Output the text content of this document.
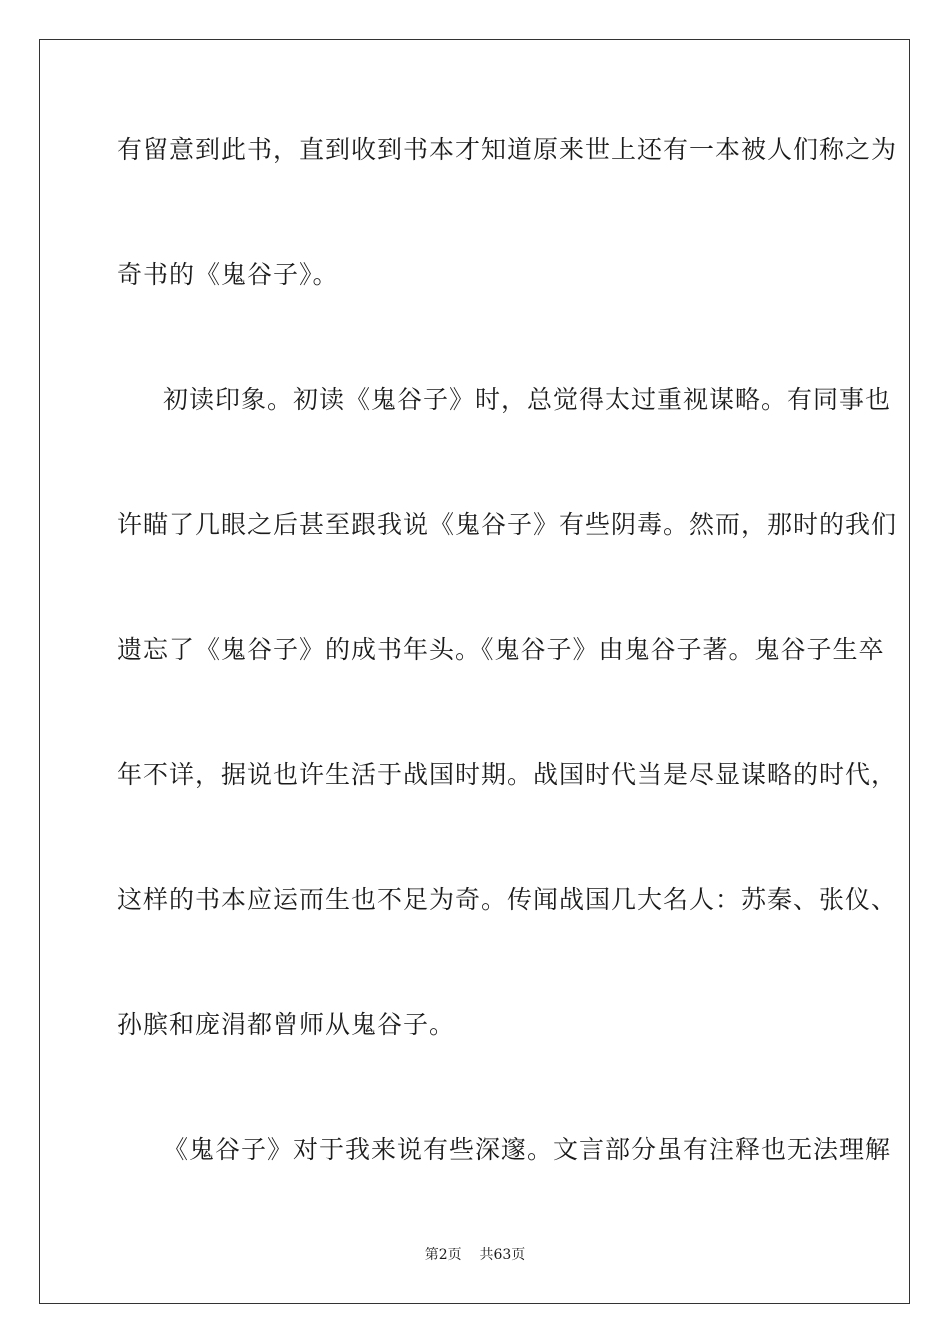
有留意到此书，直到收到书本才知道原来世上还有一本被人们称之为
奇书的《鬼谷子》。
初读印象。初读《鬼谷子》时，总觉得太过重视谋略。有同事也
许瞄了几眼之后甚至跟我说《鬼谷子》有些阴毒。然而，那时的我们
遗忘了《鬼谷子》的成书年头。《鬼谷子》由鬼谷子著。鬼谷子生卒
年不详，据说也许生活于战国时期。战国时代当是尽显谋略的时代，
这样的书本应运而生也不足为奇。传闻战国几大名人：苏秦、张仪、
孙膑和庞涓都曾师从鬼谷子。
《鬼谷子》对于我来说有些深邃。文言部分虽有注释也无法理解
第2页 共63页
